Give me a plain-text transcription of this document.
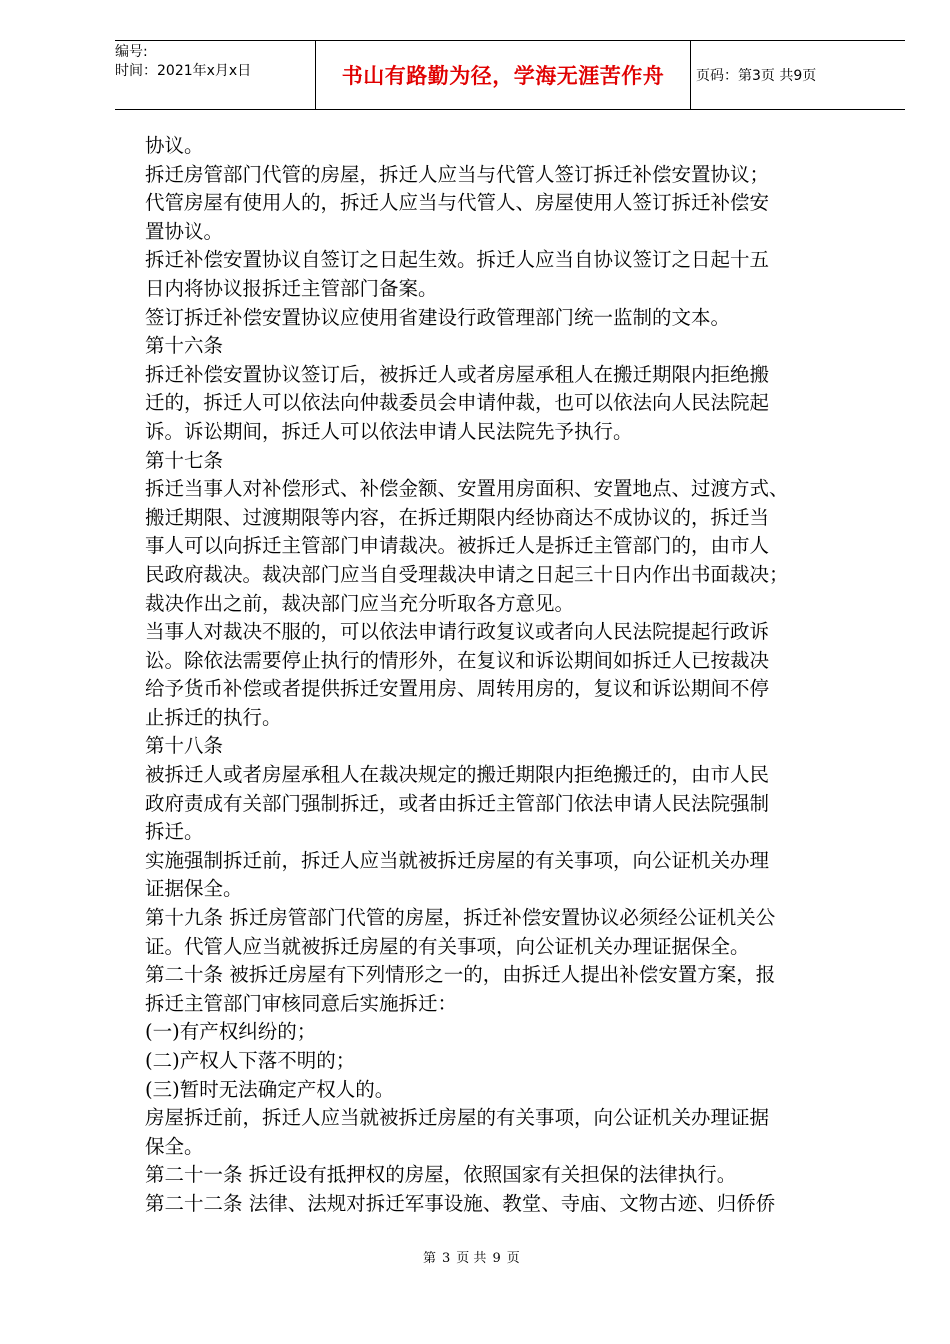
编号:
时间：2021年x月x日	书山有路勤为径，学海无涯苦作舟	页码：第3页 共9页
协议。
拆迁房管部门代管的房屋，拆迁人应当与代管人签订拆迁补偿安置协议；
代管房屋有使用人的，拆迁人应当与代管人、房屋使用人签订拆迁补偿安
置协议。
拆迁补偿安置协议自签订之日起生效。拆迁人应当自协议签订之日起十五
日内将协议报拆迁主管部门备案。
签订拆迁补偿安置协议应使用省建设行政管理部门统一监制的文本。
第十六条
拆迁补偿安置协议签订后，被拆迁人或者房屋承租人在搬迁期限内拒绝搬
迁的，拆迁人可以依法向仲裁委员会申请仲裁，也可以依法向人民法院起
诉。诉讼期间，拆迁人可以依法申请人民法院先予执行。
第十七条
拆迁当事人对补偿形式、补偿金额、安置用房面积、安置地点、过渡方式、
搬迁期限、过渡期限等内容，在拆迁期限内经协商达不成协议的，拆迁当
事人可以向拆迁主管部门申请裁决。被拆迁人是拆迁主管部门的，由市人
民政府裁决。裁决部门应当自受理裁决申请之日起三十日内作出书面裁决；
裁决作出之前，裁决部门应当充分听取各方意见。
当事人对裁决不服的，可以依法申请行政复议或者向人民法院提起行政诉
讼。除依法需要停止执行的情形外，在复议和诉讼期间如拆迁人已按裁决
给予货币补偿或者提供拆迁安置用房、周转用房的，复议和诉讼期间不停
止拆迁的执行。
第十八条
被拆迁人或者房屋承租人在裁决规定的搬迁期限内拒绝搬迁的，由市人民
政府责成有关部门强制拆迁，或者由拆迁主管部门依法申请人民法院强制
拆迁。
实施强制拆迁前，拆迁人应当就被拆迁房屋的有关事项，向公证机关办理
证据保全。
第十九条 拆迁房管部门代管的房屋，拆迁补偿安置协议必须经公证机关公
证。代管人应当就被拆迁房屋的有关事项，向公证机关办理证据保全。
第二十条 被拆迁房屋有下列情形之一的，由拆迁人提出补偿安置方案，报
拆迁主管部门审核同意后实施拆迁：
(一)有产权纠纷的；
(二)产权人下落不明的；
(三)暂时无法确定产权人的。
房屋拆迁前，拆迁人应当就被拆迁房屋的有关事项，向公证机关办理证据
保全。
第二十一条 拆迁设有抵押权的房屋，依照国家有关担保的法律执行。
第二十二条 法律、法规对拆迁军事设施、教堂、寺庙、文物古迹、归侨侨
第 3 页 共 9 页
